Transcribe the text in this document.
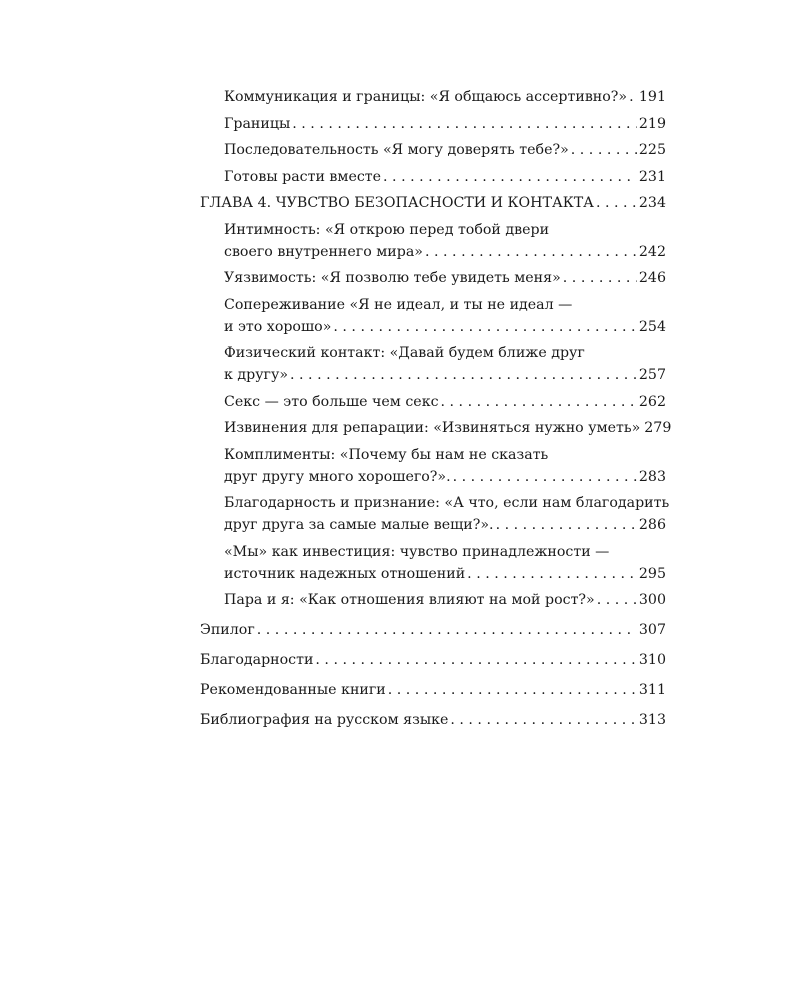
Коммуникация и границы: «Я общаюсь ассертивно?» . . . 191
Границы . . .	219
Последовательность «Я могу доверять тебе?» . . .	225
Готовы расти вместе . . .	231
ГЛАВА 4. ЧУВСТВО БЕЗОПАСНОСТИ И КОНТАКТА . . .	234
Интимность: «Я открою перед тобой двери
своего внутреннего мира» . . .	242
Уязвимость: «Я позволю тебе увидеть меня» . . .	246
Сопереживание «Я не идеал, и ты не идеал —
и это хорошо» . . .	254
Физический контакт: «Давай будем ближе друг
к другу» . . .	257
Секс — это больше чем секс . . .	262
Извинения для репарации: «Извиняться нужно уметь» 279
Комплименты: «Почему бы нам не сказать
друг другу много хорошего?». . . .	283
Благодарность и признание: «А что, если нам благодарить
друг друга за самые малые вещи?». . . .	286
«Мы» как инвестиция: чувство принадлежности —
источник надежных отношений . . .	295
Пара и я: «Как отношения влияют на мой рост?» . . .	300
Эпилог . . .	307
Благодарности . . .	310
Рекомендованные книги . . .	311
Библиография на русском языке . . .	313
